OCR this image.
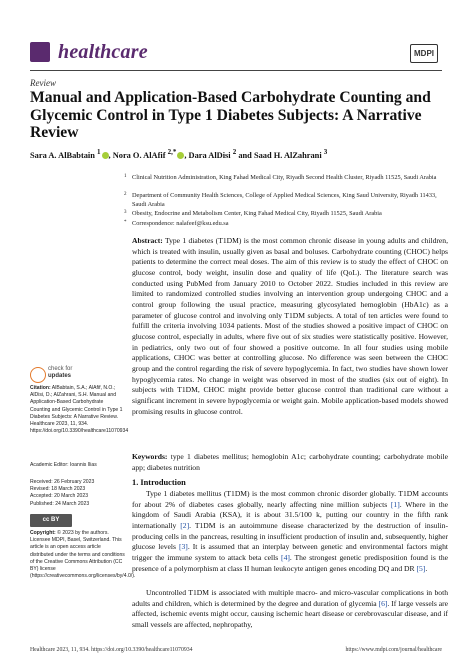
healthcare	MDPI
Review
Manual and Application-Based Carbohydrate Counting and Glycemic Control in Type 1 Diabetes Subjects: A Narrative Review
Sara A. AlBabtain $^1$ , Nora O. AlAfif $^{2,*}$ , Dara AlDisi $^2$ and Saad H. AlZahrani $^3$
1 Clinical Nutrition Administration, King Fahad Medical City, Riyadh Second Health Cluster, Riyadh 11525, Saudi Arabia
2 Department of Community Health Sciences, College of Applied Medical Sciences, King Saud University, Riyadh 11433, Saudi Arabia
3 Obesity, Endocrine and Metabolism Center, King Fahad Medical City, Riyadh 11525, Saudi Arabia
* Correspondence: nalafeef@ksu.edu.sa
Abstract: Type 1 diabetes (T1DM) is the most common chronic disease in young adults and children, which is treated with insulin, usually given as basal and boluses. Carbohydrate counting (CHOC) helps patients to determine the correct meal doses. The aim of this review is to study the effect of CHOC on glucose control, body weight, insulin dose and quality of life (QoL). The literature search was conducted using PubMed from January 2010 to October 2022. Studies included in this review are limited to randomized controlled studies involving an intervention group undergoing CHOC and a control group following the usual practice, measuring glycosylated hemoglobin (HbA1c) as a parameter of glucose control and involving only T1DM subjects. A total of ten articles were found to fulfill the criteria involving 1034 patients. Most of the studies showed a positive impact of CHOC on glucose control, especially in adults, where five out of six studies were statistically positive. However, in pediatrics, only two out of four showed a positive outcome. In all four studies using mobile applications, CHOC was better at controlling glucose. No difference was seen between the CHOC group and the control regarding the risk of severe hypoglycemia. In fact, two studies have shown lower hypoglycemia rates. No change in weight was observed in most of the studies (six out of eight). In subjects with T1DM, CHOC might provide better glucose control than traditional care without a significant increment in severe hypoglycemia or weight gain. Mobile application-based models showed promising results in glucose control.
Keywords: type 1 diabetes mellitus; hemoglobin A1c; carbohydrate counting; carbohydrate mobile app; diabetes nutrition
1. Introduction
Type 1 diabetes mellitus (T1DM) is the most common chronic disorder globally. T1DM accounts for about 2% of diabetes cases globally, nearly affecting nine million subjects [1]. Where in the kingdom of Saudi Arabia (KSA), it is about 31.5/100 k, putting our country in the fifth rank internationally [2]. T1DM is an autoimmune disease characterized by the destruction of insulin-producing cells in the pancreas, resulting in insufficient production of insulin and, subsequently, higher glucose levels [3]. It is assumed that an interplay between genetic and environmental factors might trigger the immune system to attack beta cells [4]. The strongest genetic predisposition found is the presence of a polymorphism at class II human leukocyte antigen genes encoding DQ and DR [5].
Uncontrolled T1DM is associated with multiple macro- and micro-vascular complications in both adults and children, which is determined by the degree and duration of glycemia [6]. If large vessels are affected, ischemic events might occur, causing ischemic heart disease or cerebrovascular disease, and if small vessels are affected, nephropathy,
check for
updates
Citation: AlBabtain, S.A.; AlAfif, N.O.; AlDisi, D.; AlZahrani, S.H. Manual and Application-Based Carbohydrate Counting and Glycemic Control in Type 1 Diabetes Subjects: A Narrative Review. Healthcare 2023, 11, 934. https://doi.org/10.3390/healthcare11070934
Academic Editor: Ioannis Ilias
Received: 26 February 2023
Revised: 18 March 2023
Accepted: 20 March 2023
Published: 24 March 2023
cc BY
Copyright: © 2023 by the authors. Licensee MDPI, Basel, Switzerland. This article is an open access article distributed under the terms and conditions of the Creative Commons Attribution (CC BY) license (https://creativecommons.org/licenses/by/4.0/).
Healthcare 2023, 11, 934. https://doi.org/10.3390/healthcare11070934	https://www.mdpi.com/journal/healthcare
